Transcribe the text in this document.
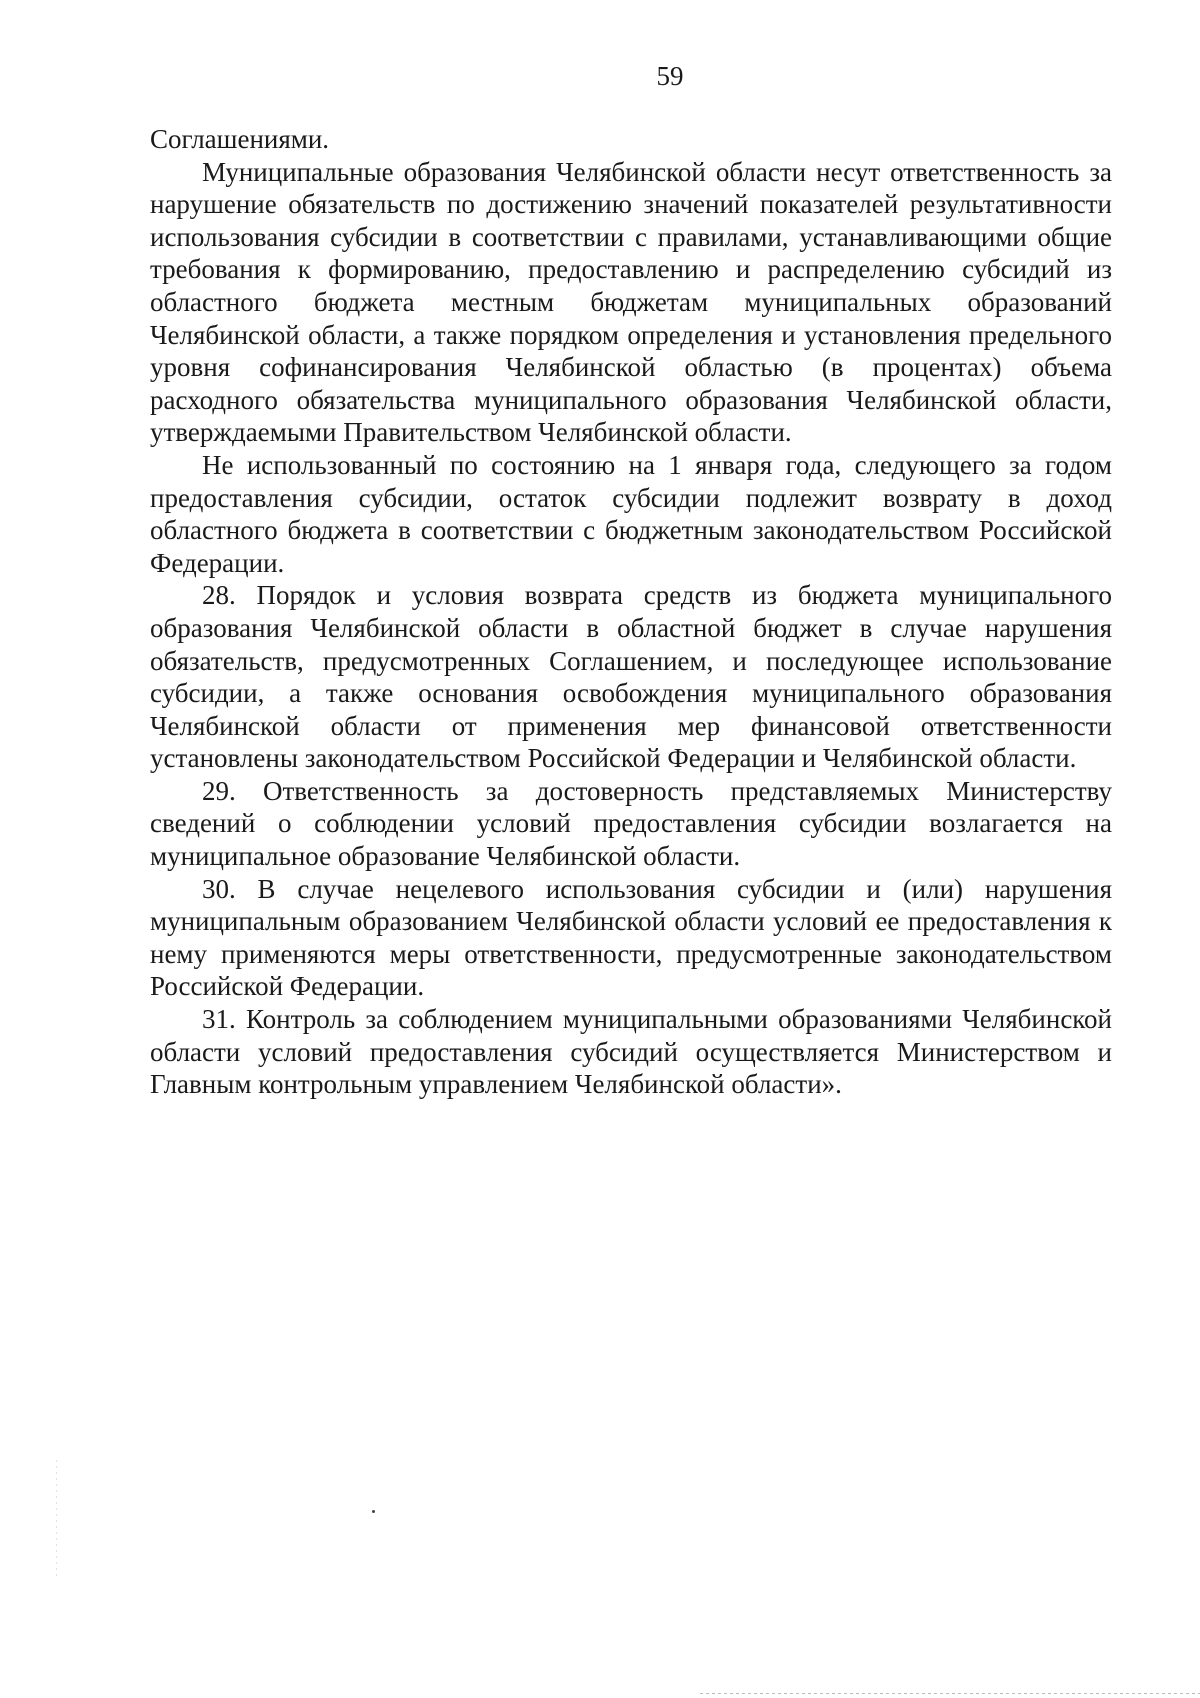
59

Соглашениями.

Муниципальные образования Челябинской области несут ответственность за нарушение обязательств по достижению значений показателей результативности использования субсидии в соответствии с правилами, устанавливающими общие требования к формированию, предоставлению и распределению субсидий из областного бюджета местным бюджетам муниципальных образований Челябинской области, а также порядком определения и установления предельного уровня софинансирования Челябинской областью (в процентах) объема расходного обязательства муниципального образования Челябинской области, утверждаемыми Правительством Челябинской области.

Не использованный по состоянию на 1 января года, следующего за годом предоставления субсидии, остаток субсидии подлежит возврату в доход областного бюджета в соответствии с бюджетным законодательством Российской Федерации.

28. Порядок и условия возврата средств из бюджета муниципального образования Челябинской области в областной бюджет в случае нарушения обязательств, предусмотренных Соглашением, и последующее использование субсидии, а также основания освобождения муниципального образования Челябинской области от применения мер финансовой ответственности установлены законодательством Российской Федерации и Челябинской области.

29. Ответственность за достоверность представляемых Министерству сведений о соблюдении условий предоставления субсидии возлагается на муниципальное образование Челябинской области.

30. В случае нецелевого использования субсидии и (или) нарушения муниципальным образованием Челябинской области условий ее предоставления к нему применяются меры ответственности, предусмотренные законодательством Российской Федерации.

31. Контроль за соблюдением муниципальными образованиями Челябинской области условий предоставления субсидий осуществляется Министерством и Главным контрольным управлением Челябинской области».
